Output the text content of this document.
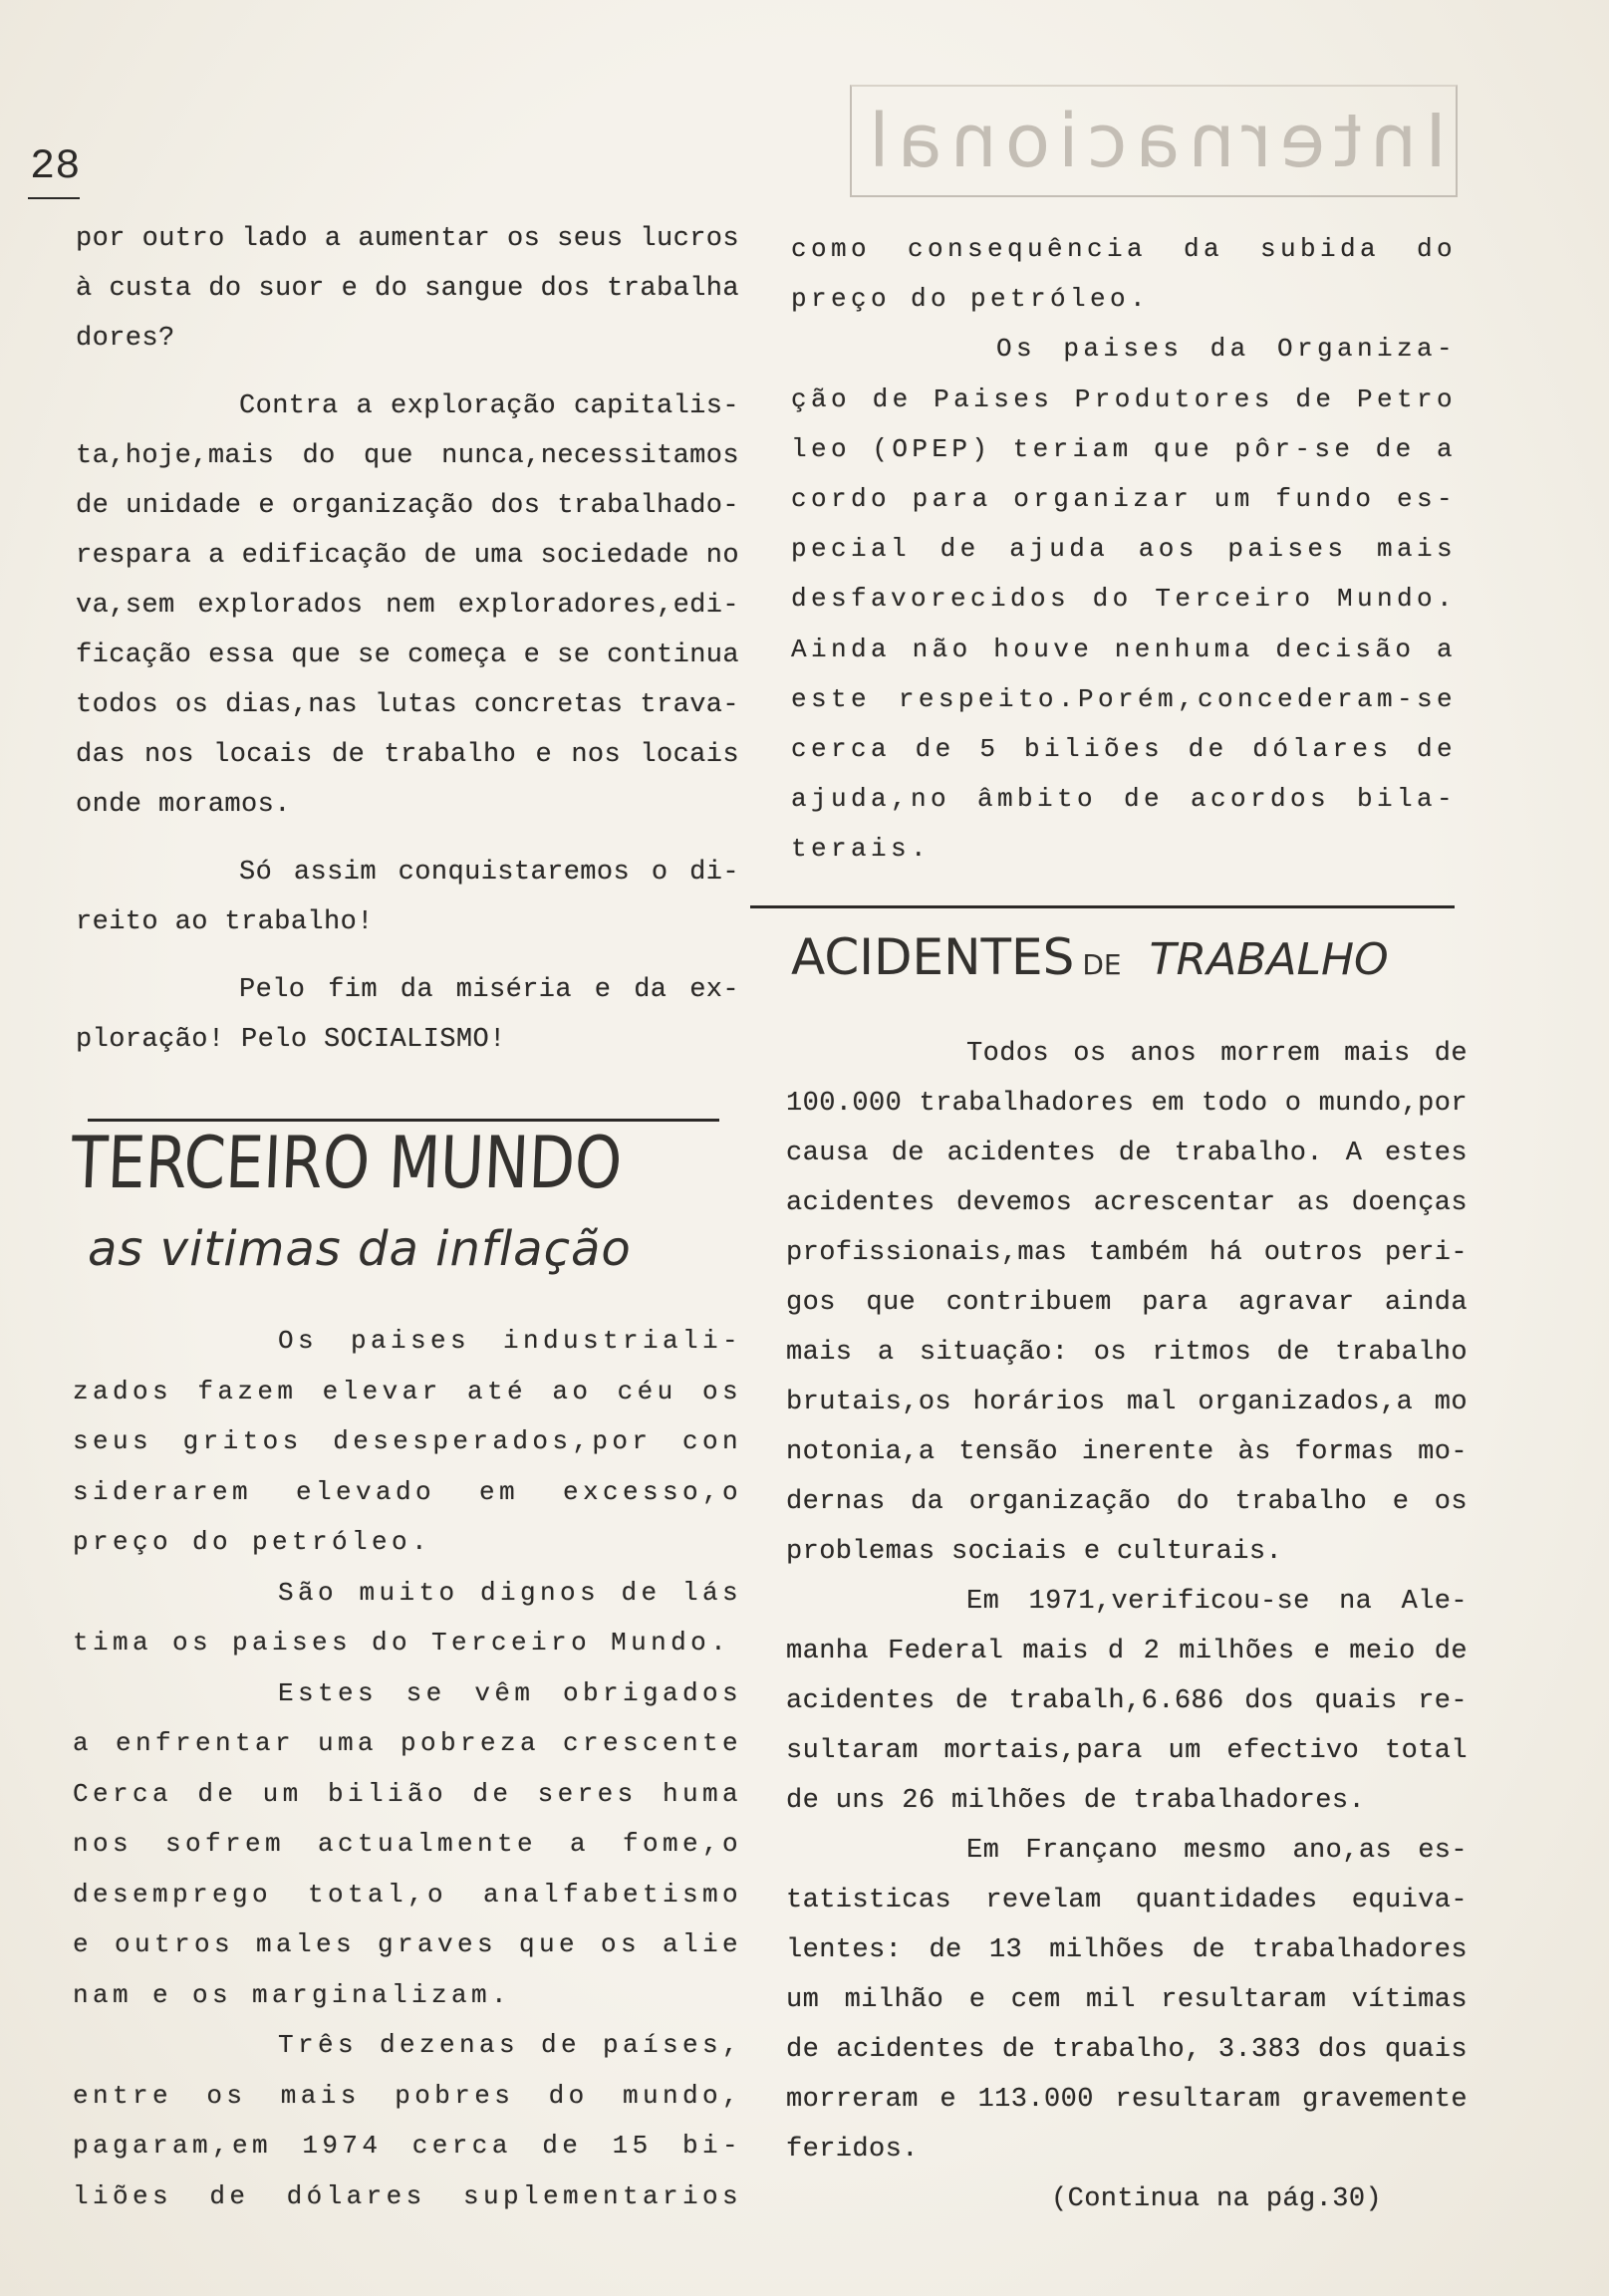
28	Internacional
por outro lado a aumentar os seus lucros
à custa do suor e do sangue dos trabalha
dores?
Contra a exploração capitalis-
ta,hoje,mais do que nunca,necessitamos
de unidade e organização dos trabalhado-
respara a edificação de uma sociedade no
va,sem explorados nem exploradores,edi-
ficação essa que se começa e se continua
todos os dias,nas lutas concretas trava-
das nos locais de trabalho e nos locais
onde moramos.
Só assim conquistaremos o di-
reito ao trabalho!
Pelo fim da miséria e da ex-
ploração! Pelo SOCIALISMO!
TERCEIRO MUNDO
as vitimas da inflação
Os paises industriali-
zados fazem elevar até ao céu os
seus gritos desesperados,por con
siderarem elevado em excesso,o
preço do petróleo.
São muito dignos de lás
tima os paises do Terceiro Mundo.
Estes se vêm obrigados
a enfrentar uma pobreza crescente
Cerca de um bilião de seres huma
nos sofrem actualmente a fome,o
desemprego total,o analfabetismo
e outros males graves que os alie
nam e os marginalizam.
Três dezenas de países,
entre os mais pobres do mundo,
pagaram,em 1974 cerca de 15 bi-
liões de dólares suplementarios
como consequência da subida do
preço do petróleo.
Os paises da Organiza-
ção de Paises Produtores de Petro
leo (OPEP) teriam que pôr-se de a
cordo para organizar um fundo es-
pecial de ajuda aos paises mais
desfavorecidos do Terceiro Mundo.
Ainda não houve nenhuma decisão a
este respeito.Porém,concederam-se
cerca de 5 biliões de dólares de
ajuda,no âmbito de acordos bila-
terais.
ACIDENTES DE TRABALHO
Todos os anos morrem mais de
100.000 trabalhadores em todo o mundo,por
causa de acidentes de trabalho. A estes
acidentes devemos acrescentar as doenças
profissionais,mas também há outros peri-
gos que contribuem para agravar ainda
mais a situação: os ritmos de trabalho
brutais,os horários mal organizados,a mo
notonia,a tensão inerente às formas mo-
dernas da organização do trabalho e os
problemas sociais e culturais.
Em 1971,verificou-se na Ale-
manha Federal mais d 2 milhões e meio de
acidentes de trabalh,6.686 dos quais re-
sultaram mortais,para um efectivo total
de uns 26 milhões de trabalhadores.
Em Françano mesmo ano,as es-
tatisticas revelam quantidades equiva-
lentes: de 13 milhões de trabalhadores
um milhão e cem mil resultaram vítimas
de acidentes de trabalho, 3.383 dos quais
morreram e 113.000 resultaram gravemente
feridos.
(Continua na pág.30)
